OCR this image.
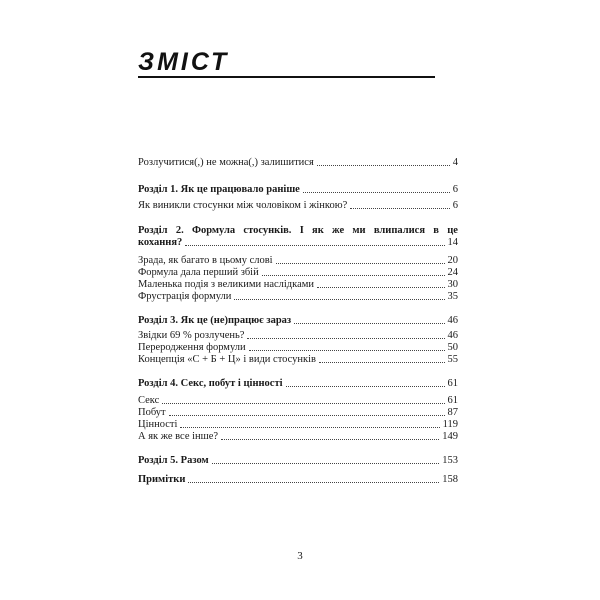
ЗМІСТ
Розлучитися(,) не можна(,) залишитися	4
Розділ 1. Як це працювало раніше	6
Як виникли стосунки між чоловіком і жінкою?	6
Розділ 2. Формула стосунків. І як же ми влипалися в це
кохання?	14
Зрада, як багато в цьому слові	20
Формула дала перший збій	24
Маленька подія з великими наслідками	30
Фрустрація формули	35
Розділ 3. Як це (не)працює зараз	46
Звідки 69 % розлучень?	46
Переродження формули	50
Концепція «С + Б + Ц» і види стосунків	55
Розділ 4. Секс, побут і цінності	61
Секс	61
Побут	87
Цінності	119
А як же все інше?	149
Розділ 5. Разом	153
Примітки	158
3
